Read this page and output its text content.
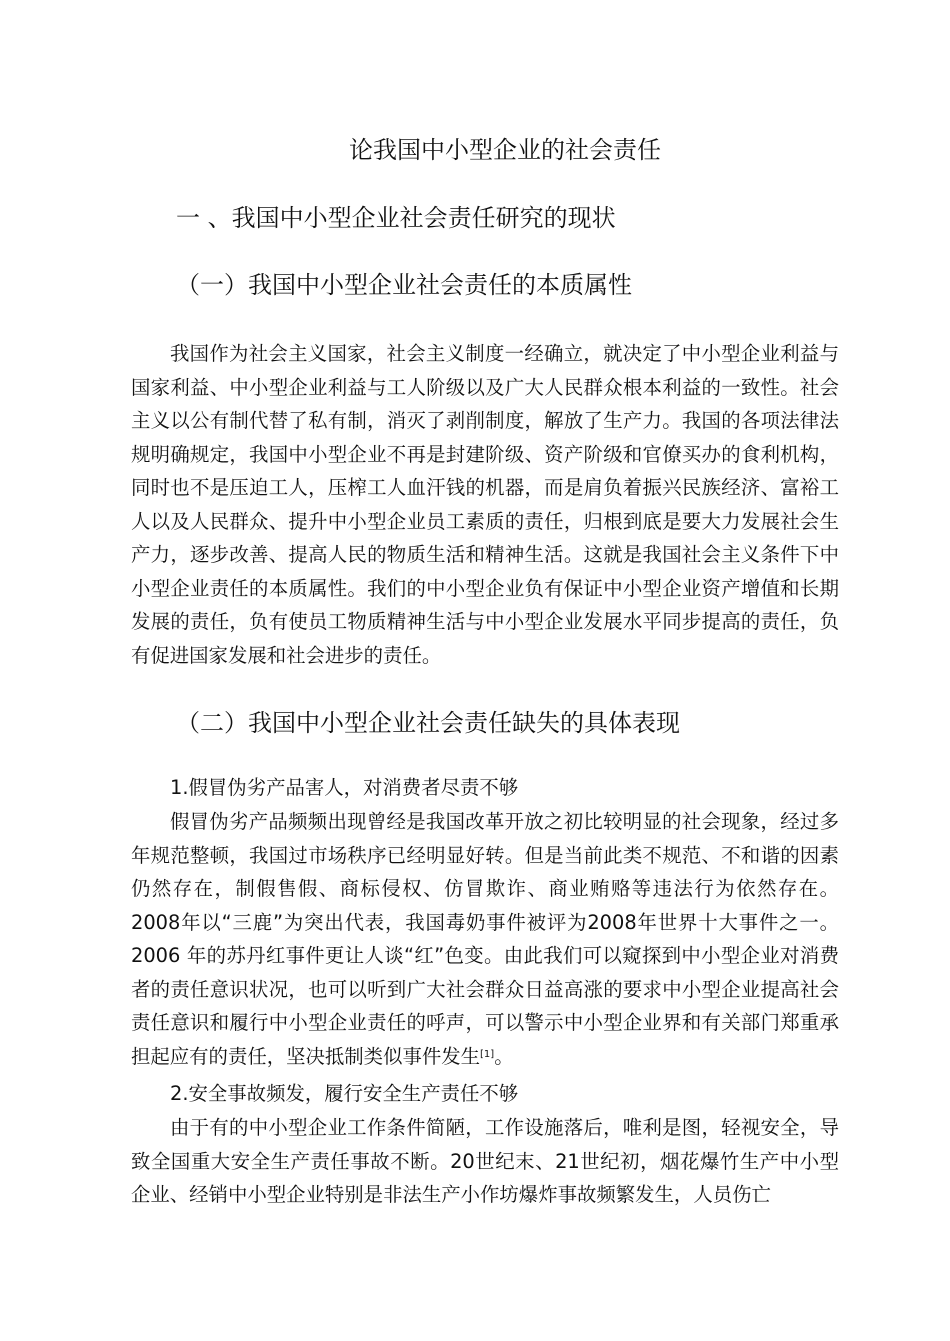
论我国中小型企业的社会责任
一 、我国中小型企业社会责任研究的现状
（一）我国中小型企业社会责任的本质属性

我国作为社会主义国家，社会主义制度一经确立，就决定了中小型企业利益与国家利益、中小型企业利益与工人阶级以及广大人民群众根本利益的一致性。社会主义以公有制代替了私有制，消灭了剥削制度，解放了生产力。我国的各项法律法规明确规定，我国中小型企业不再是封建阶级、资产阶级和官僚买办的食利机构，同时也不是压迫工人，压榨工人血汗钱的机器，而是肩负着振兴民族经济、富裕工人以及人民群众、提升中小型企业员工素质的责任，归根到底是要大力发展社会生产力，逐步改善、提高人民的物质生活和精神生活。这就是我国社会主义条件下中小型企业责任的本质属性。我们的中小型企业负有保证中小型企业资产增值和长期发展的责任，负有使员工物质精神生活与中小型企业发展水平同步提高的责任，负有促进国家发展和社会进步的责任。

（二）我国中小型企业社会责任缺失的具体表现
1.假冒伪劣产品害人，对消费者尽责不够

假冒伪劣产品频频出现曾经是我国改革开放之初比较明显的社会现象，经过多年规范整顿，我国过市场秩序已经明显好转。但是当前此类不规范、不和谐的因素仍然存在，制假售假、商标侵权、仿冒欺诈、商业贿赂等违法行为依然存在。2008年以“三鹿”为突出代表，我国毒奶事件被评为2008年世界十大事件之一。2006 年的苏丹红事件更让人谈“红”色变。由此我们可以窥探到中小型企业对消费者的责任意识状况，也可以听到广大社会群众日益高涨的要求中小型企业提高社会责任意识和履行中小型企业责任的呼声，可以警示中小型企业界和有关部门郑重承担起应有的责任，坚决抵制类似事件发生[1]。

2.安全事故频发，履行安全生产责任不够

由于有的中小型企业工作条件简陋，工作设施落后，唯利是图，轻视安全，导致全国重大安全生产责任事故不断。20世纪末、21世纪初，烟花爆竹生产中小型企业、经销中小型企业特别是非法生产小作坊爆炸事故频繁发生，人员伤亡
